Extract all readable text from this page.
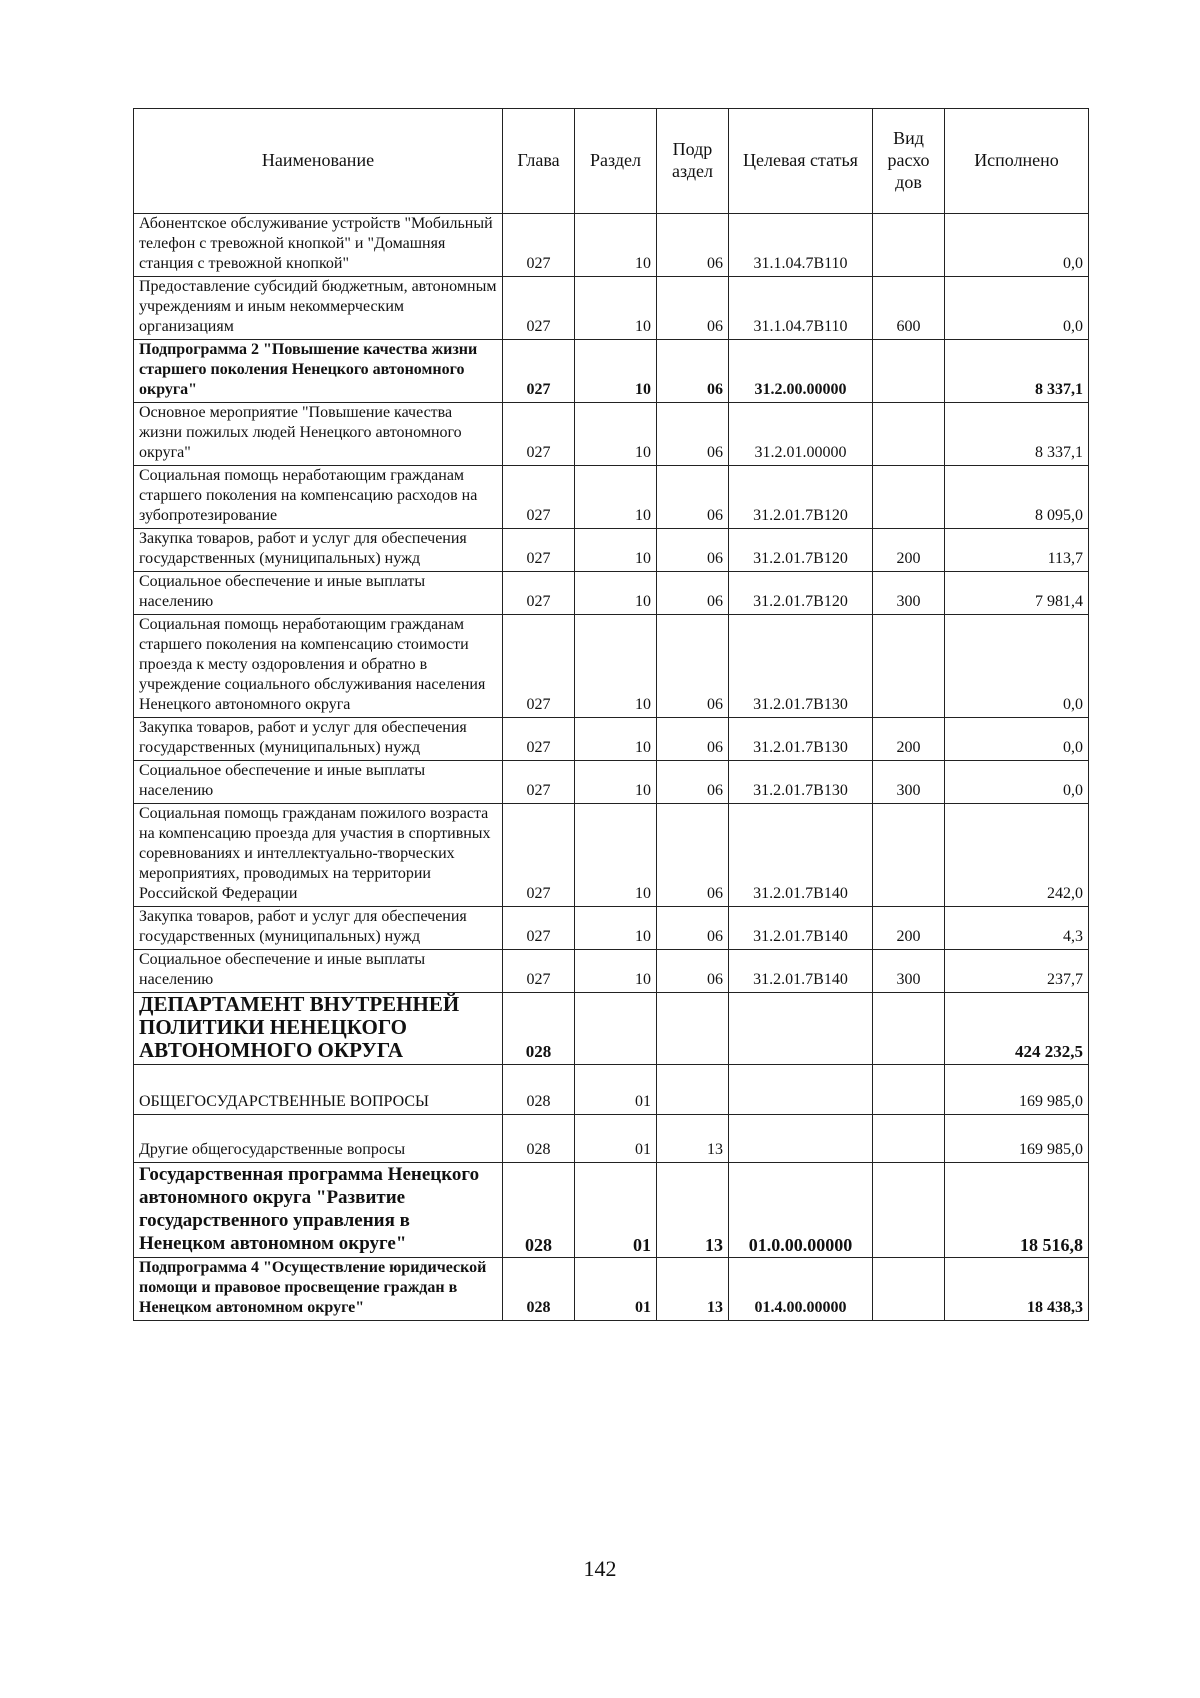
Наименование	Глава	Раздел	Подр аздел	Целевая статья	Вид расхо дов	Исполнено
Абонентское обслуживание устройств "Мобильный телефон с тревожной кнопкой" и "Домашняя станция с тревожной кнопкой"	027	10	06	31.1.04.7В110		0,0
Предоставление субсидий бюджетным, автономным учреждениям и иным некоммерческим организациям	027	10	06	31.1.04.7В110	600	0,0
Подпрограмма 2 "Повышение качества жизни старшего поколения Ненецкого автономного округа"	027	10	06	31.2.00.00000		8 337,1
Основное мероприятие "Повышение качества жизни пожилых людей Ненецкого автономного округа"	027	10	06	31.2.01.00000		8 337,1
Социальная помощь неработающим гражданам старшего поколения на компенсацию расходов на зубопротезирование	027	10	06	31.2.01.7В120		8 095,0
Закупка товаров, работ и услуг для обеспечения государственных (муниципальных) нужд	027	10	06	31.2.01.7В120	200	113,7
Социальное обеспечение и иные выплаты населению	027	10	06	31.2.01.7В120	300	7 981,4
Социальная помощь неработающим гражданам старшего поколения на компенсацию стоимости проезда к месту оздоровления и обратно в учреждение социального обслуживания населения Ненецкого автономного округа	027	10	06	31.2.01.7В130		0,0
Закупка товаров, работ и услуг для обеспечения государственных (муниципальных) нужд	027	10	06	31.2.01.7В130	200	0,0
Социальное обеспечение и иные выплаты населению	027	10	06	31.2.01.7В130	300	0,0
Социальная помощь гражданам пожилого возраста на компенсацию проезда для участия в спортивных соревнованиях и интеллектуально-творческих мероприятиях, проводимых на территории Российской Федерации	027	10	06	31.2.01.7В140		242,0
Закупка товаров, работ и услуг для обеспечения государственных (муниципальных) нужд	027	10	06	31.2.01.7В140	200	4,3
Социальное обеспечение и иные выплаты населению	027	10	06	31.2.01.7В140	300	237,7
ДЕПАРТАМЕНТ ВНУТРЕННЕЙ ПОЛИТИКИ НЕНЕЦКОГО АВТОНОМНОГО ОКРУГА	028					424 232,5
ОБЩЕГОСУДАРСТВЕННЫЕ ВОПРОСЫ	028	01				169 985,0
Другие общегосударственные вопросы	028	01	13			169 985,0
Государственная программа Ненецкого автономного округа "Развитие государственного управления в Ненецком автономном округе"	028	01	13	01.0.00.00000		18 516,8
Подпрограмма 4 "Осуществление юридической помощи и правовое просвещение граждан в Ненецком автономном округе"	028	01	13	01.4.00.00000		18 438,3
142
